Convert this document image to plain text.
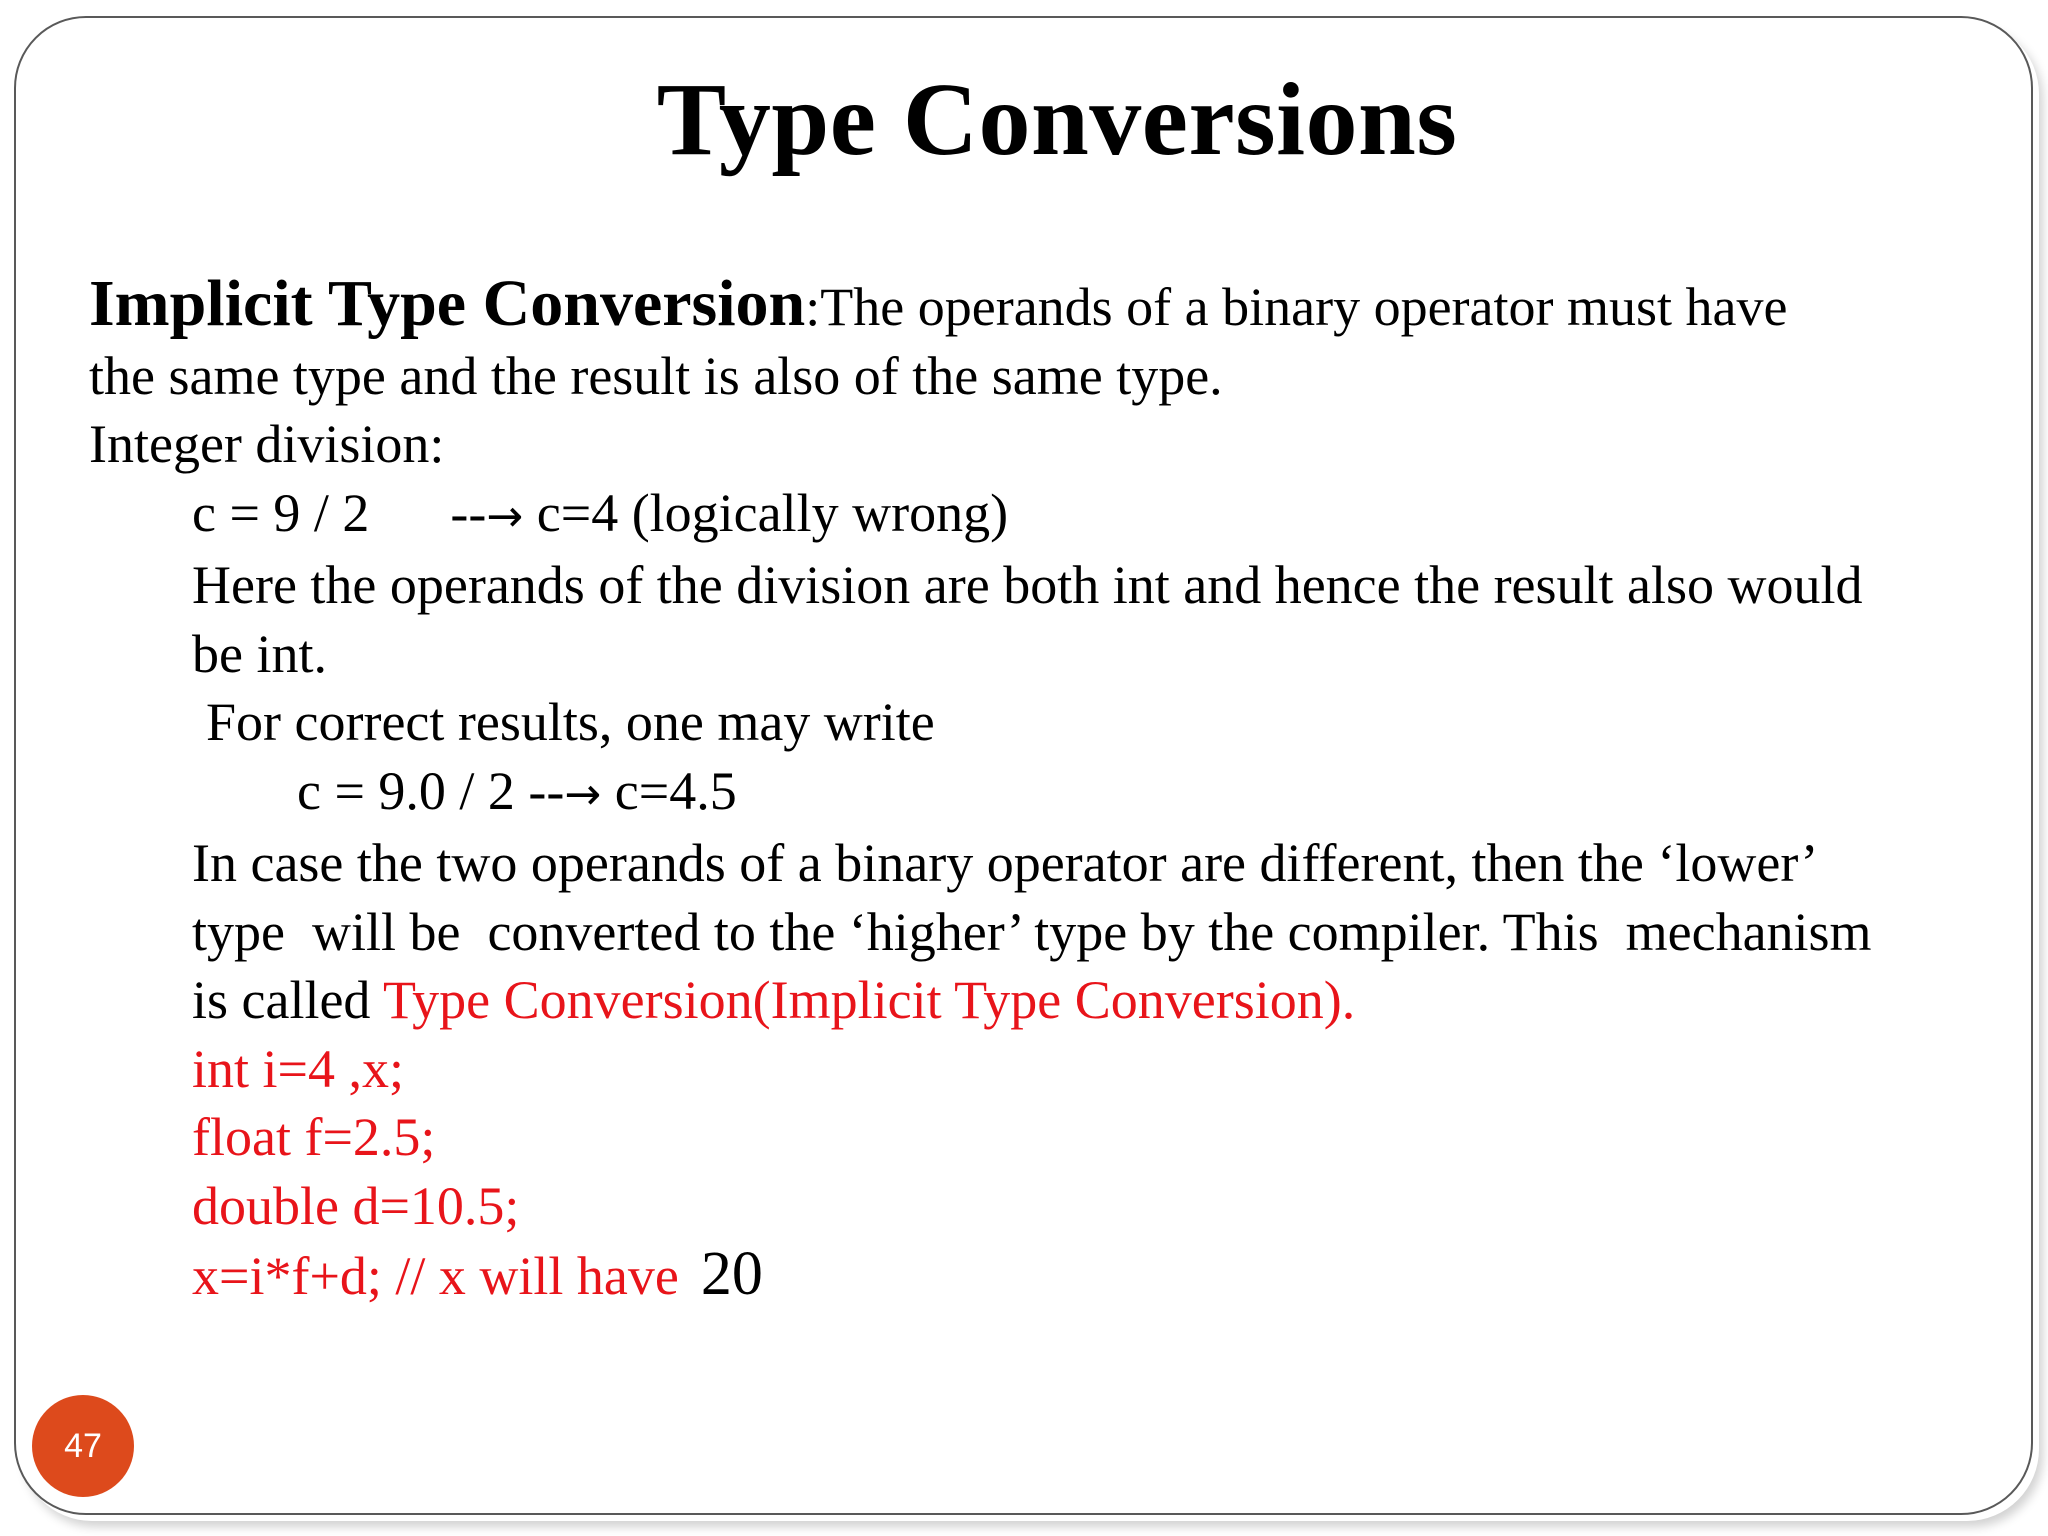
Type Conversions
Implicit Type Conversion:The operands of a binary operator must have
the same type and the result is also of the same type.
Integer division:
c = 9 / 2      --→ c=4 (logically wrong)
Here the operands of the division are both int and hence the result also would
be int.
For correct results, one may write
c = 9.0 / 2 --→ c=4.5
In case the two operands of a binary operator are different, then the ‘lower’
type  will be  converted to the ‘higher’ type by the compiler. This  mechanism
is called Type Conversion(Implicit Type Conversion).
int i=4 ,x;
float f=2.5;
double d=10.5;
x=i*f+d; // x will have 20
47
